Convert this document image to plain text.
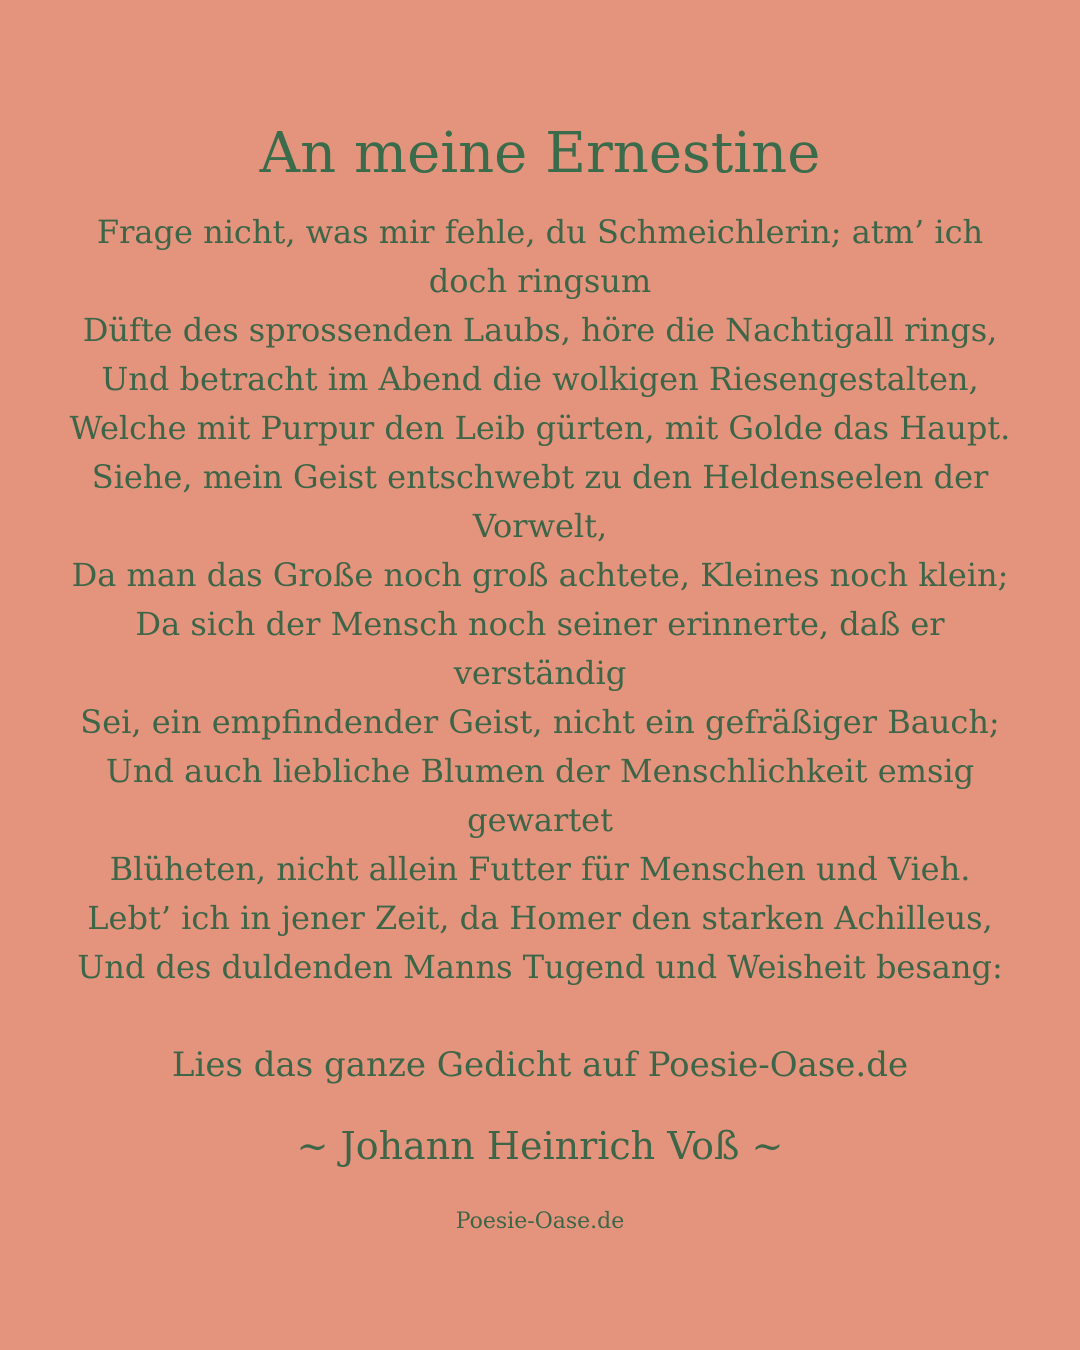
An meine Ernestine
Frage nicht, was mir fehle, du Schmeichlerin; atm’ ich
doch ringsum
Düfte des sprossenden Laubs, höre die Nachtigall rings,
Und betracht im Abend die wolkigen Riesengestalten,
Welche mit Purpur den Leib gürten, mit Golde das Haupt.
Siehe, mein Geist entschwebt zu den Heldenseelen der
Vorwelt,
Da man das Große noch groß achtete, Kleines noch klein;
Da sich der Mensch noch seiner erinnerte, daß er
verständig
Sei, ein empfindender Geist, nicht ein gefräßiger Bauch;
Und auch liebliche Blumen der Menschlichkeit emsig
gewartet
Blüheten, nicht allein Futter für Menschen und Vieh.
Lebt’ ich in jener Zeit, da Homer den starken Achilleus,
Und des duldenden Manns Tugend und Weisheit besang:
Lies das ganze Gedicht auf Poesie-Oase.de
~ Johann Heinrich Voß ~
Poesie-Oase.de
